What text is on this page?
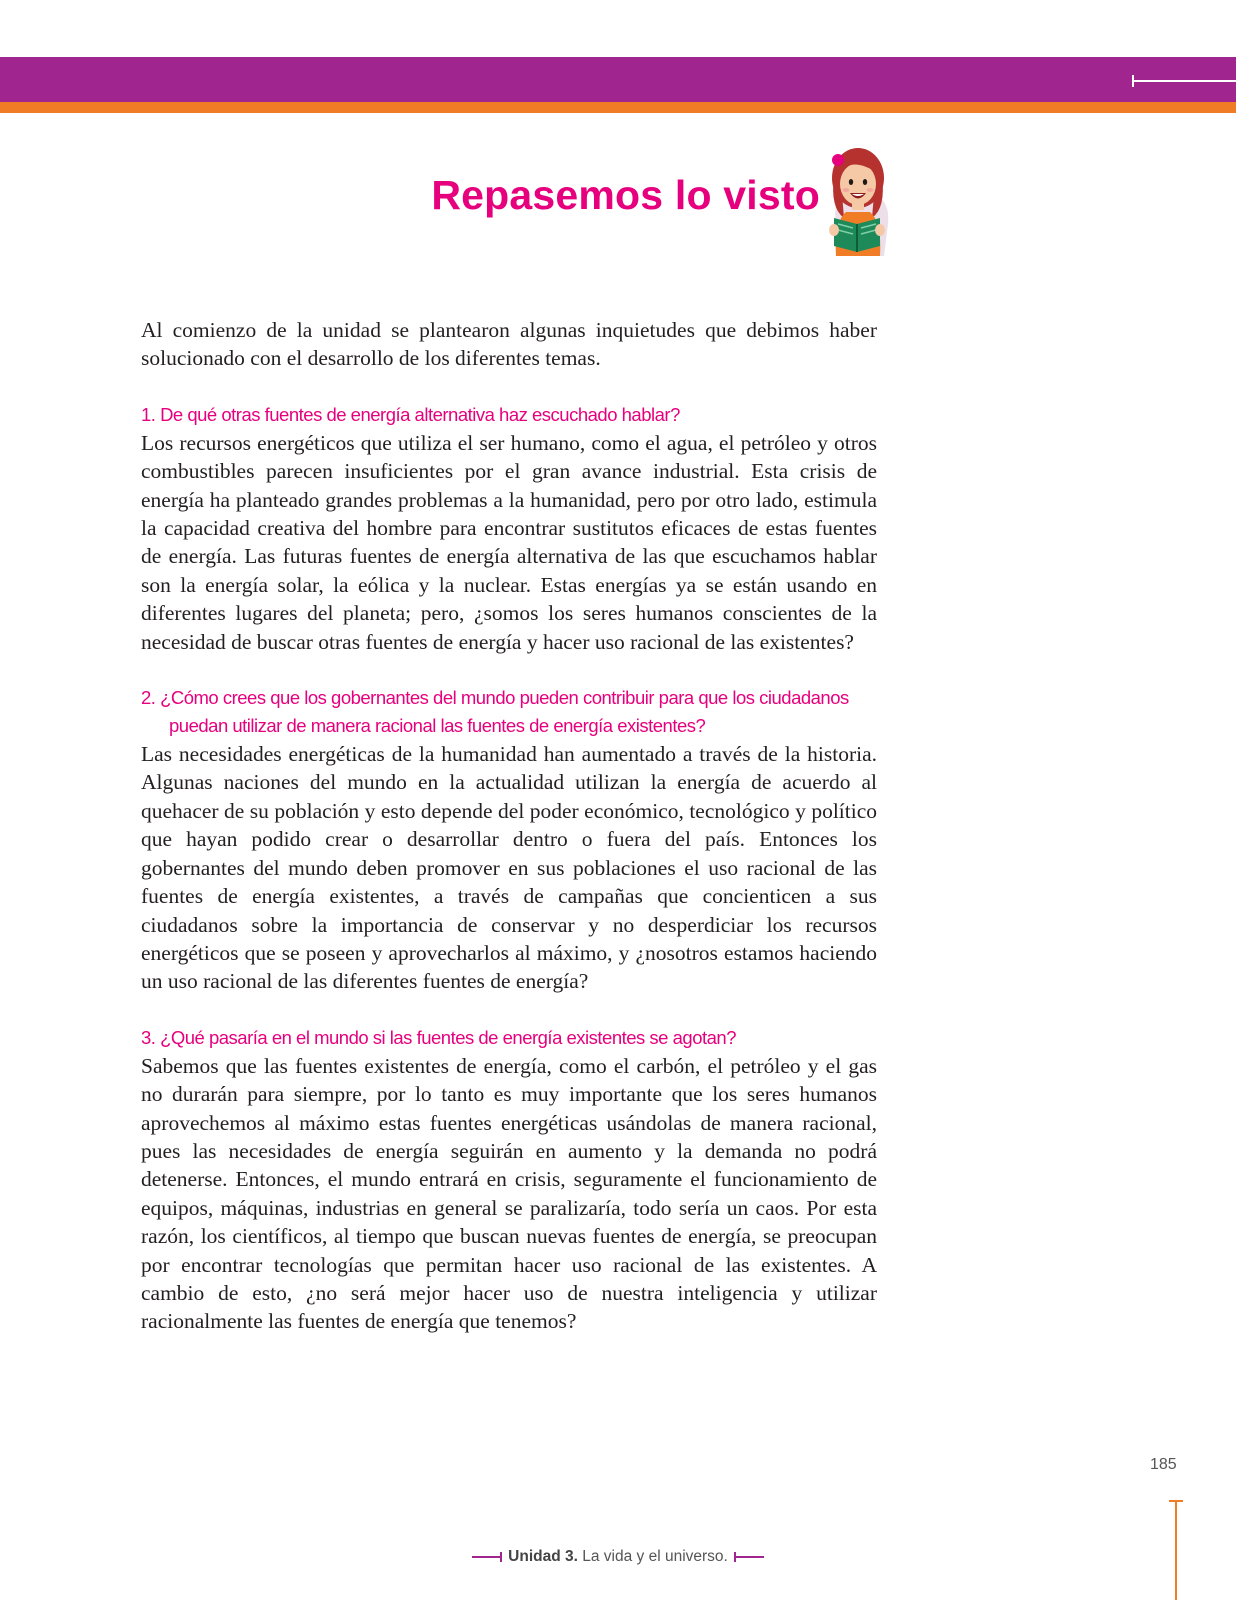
Repasemos lo visto

Al comienzo de la unidad se plantearon algunas inquietudes que debimos haber solucionado con el desarrollo de los diferentes temas.

1. De qué otras fuentes de energía alternativa haz escuchado hablar?

Los recursos energéticos que utiliza el ser humano, como el agua, el petróleo y otros combustibles parecen insuficientes por el gran avance industrial. Esta crisis de energía ha planteado grandes problemas a la humanidad, pero por otro lado, estimula la capacidad creativa del hombre para encontrar sustitutos eficaces de estas fuentes de energía. Las futuras fuentes de energía alternativa de las que escuchamos hablar son la energía solar, la eólica y la nuclear. Estas energías ya se están usando en diferentes lugares del planeta; pero, ¿somos los seres humanos conscientes de la necesidad de buscar otras fuentes de energía y hacer uso racional de las existentes?

2. ¿Cómo crees que los gobernantes del mundo pueden contribuir para que los ciudadanos puedan utilizar de manera racional las fuentes de energía existentes?

Las necesidades energéticas de la humanidad han aumentado a través de la historia. Algunas naciones del mundo en la actualidad utilizan la energía de acuerdo al quehacer de su población y esto depende del poder económico, tecnológico y político que hayan podido crear o desarrollar dentro o fuera del país. Entonces los gobernantes del mundo deben promover en sus poblaciones el uso racional de las fuentes de energía existentes, a través de campañas que concienticen a sus ciudadanos sobre la importancia de conservar y no desperdiciar los recursos energéticos que se poseen y aprovecharlos al máximo, y ¿nosotros estamos haciendo un uso racional de las diferentes fuentes de energía?

3. ¿Qué pasaría en el mundo si las fuentes de energía existentes se agotan?

Sabemos que las fuentes existentes de energía, como el carbón, el petróleo y el gas no durarán para siempre, por lo tanto es muy importante que los seres humanos aprovechemos al máximo estas fuentes energéticas usándolas de manera racional, pues las necesidades de energía seguirán en aumento y la demanda no podrá detenerse. Entonces, el mundo entrará en crisis, seguramente el funcionamiento de equipos, máquinas, industrias en general se paralizaría, todo sería un caos. Por esta razón, los científicos, al tiempo que buscan nuevas fuentes de energía, se preocupan por encontrar tecnologías que permitan hacer uso racional de las existentes. A cambio de esto, ¿no será mejor hacer uso de nuestra inteligencia y utilizar racionalmente las fuentes de energía que tenemos?

185
Unidad 3. La vida y el universo.
